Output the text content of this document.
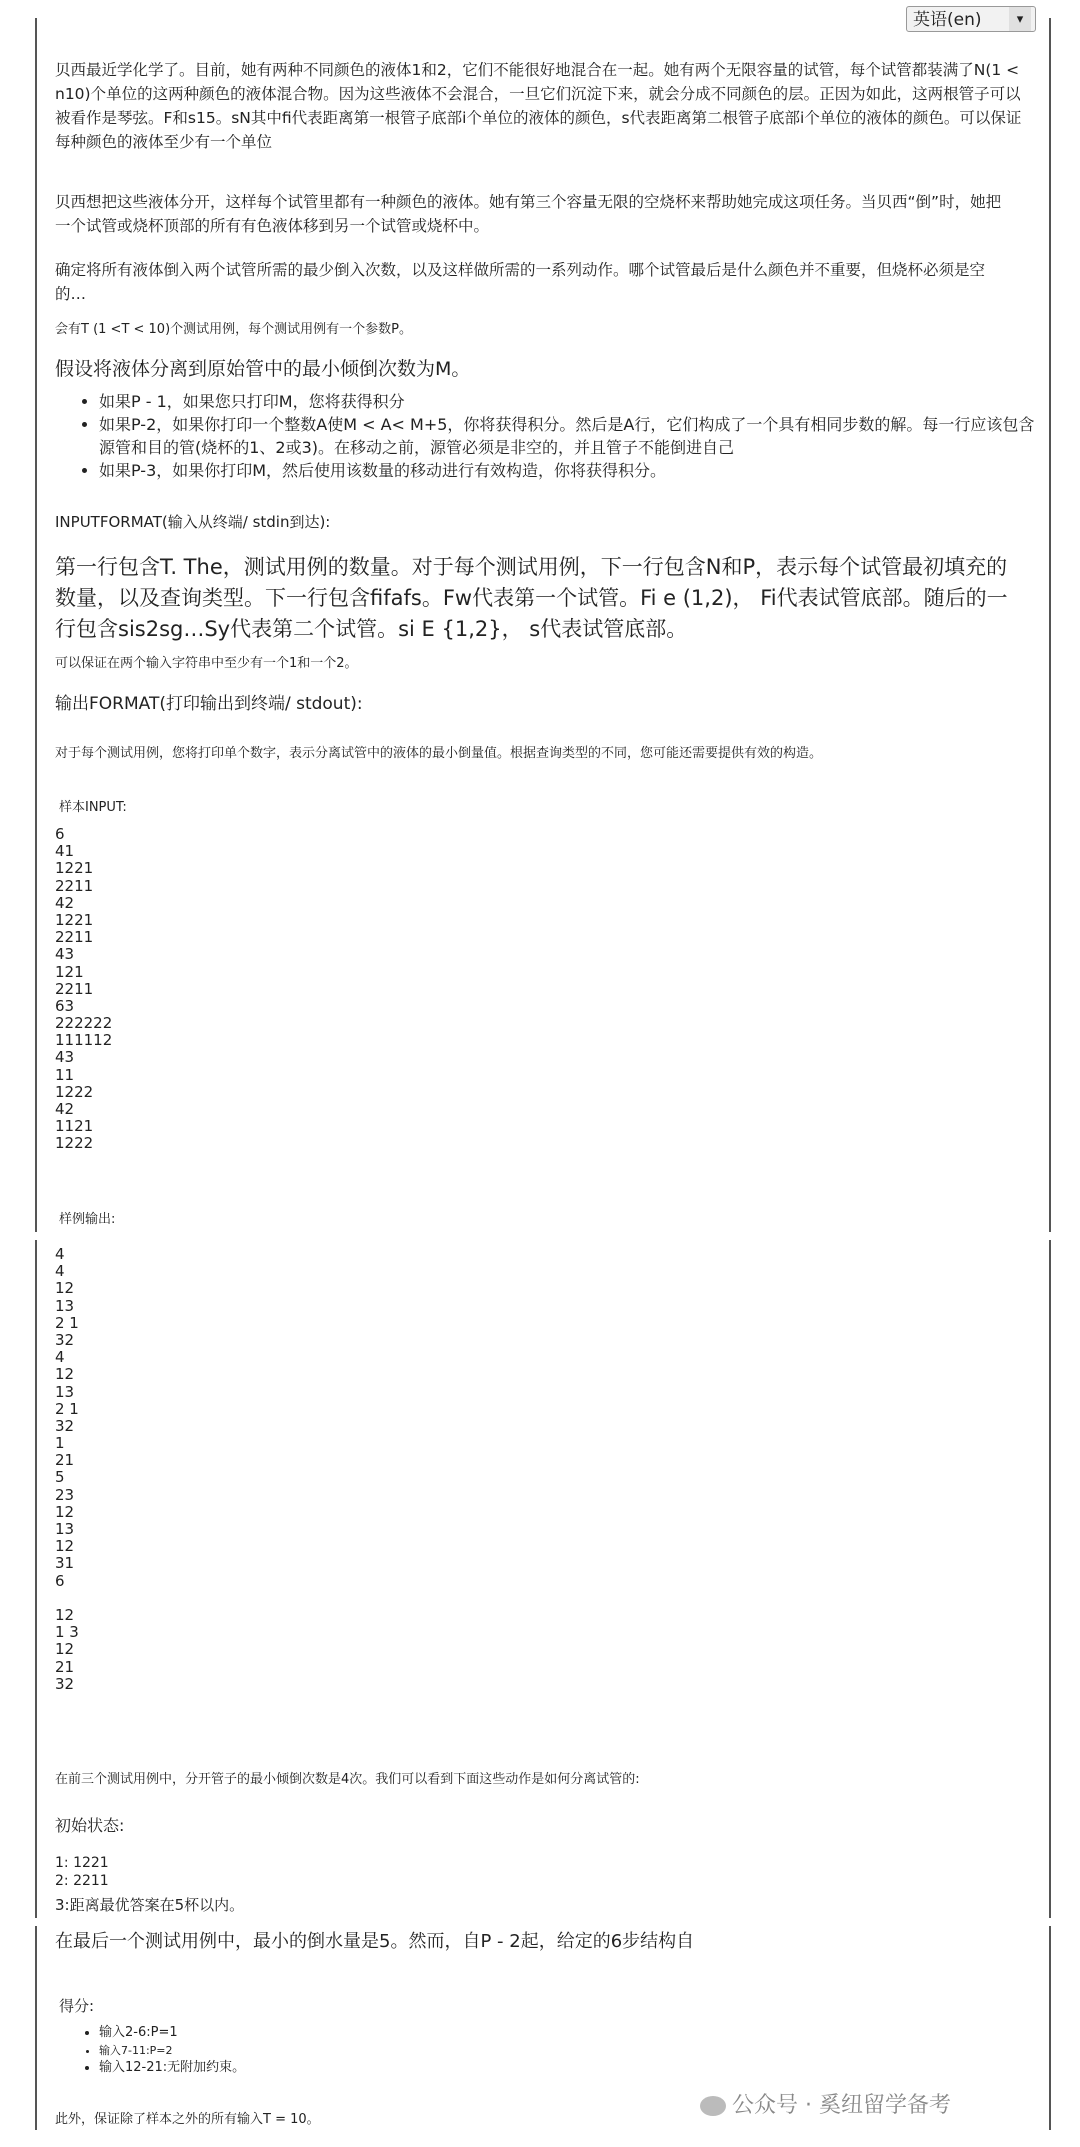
英语(en)	▾

贝西最近学化学了。目前，她有两种不同颜色的液体1和2，它们不能很好地混合在一起。她有两个无限容量的试管，每个试管都装满了N(1 < n10)个单位的这两种颜色的液体混合物。因为这些液体不会混合，一旦它们沉淀下来，就会分成不同颜色的层。正因为如此，这两根管子可以被看作是琴弦。F和s15。sN其中fi代表距离第一根管子底部i个单位的液体的颜色，s代表距离第二根管子底部i个单位的液体的颜色。可以保证每种颜色的液体至少有一个单位

贝西想把这些液体分开，这样每个试管里都有一种颜色的液体。她有第三个容量无限的空烧杯来帮助她完成这项任务。当贝西“倒”时，她把一个试管或烧杯顶部的所有有色液体移到另一个试管或烧杯中。

确定将所有液体倒入两个试管所需的最少倒入次数，以及这样做所需的一系列动作。哪个试管最后是什么颜色并不重要，但烧杯必须是空的…

会有T (1 <T < 10)个测试用例，每个测试用例有一个参数P。

假设将液体分离到原始管中的最小倾倒次数为M。

• 如果P - 1，如果您只打印M，您将获得积分
• 如果P-2，如果你打印一个整数A使M < A< M+5，你将获得积分。然后是A行，它们构成了一个具有相同步数的解。每一行应该包含源管和目的管(烧杯的1、2或3)。在移动之前，源管必须是非空的，并且管子不能倒进自己
• 如果P-3，如果你打印M，然后使用该数量的移动进行有效构造，你将获得积分。

INPUTFORMAT(输入从终端/ stdin到达):

第一行包含T. The，测试用例的数量。对于每个测试用例，下一行包含N和P，表示每个试管最初填充的数量，以及查询类型。下一行包含fifafs。Fw代表第一个试管。Fi e (1,2)， Fi代表试管底部。随后的一行包含sis2sg…Sy代表第二个试管。si E {1,2}， s代表试管底部。

可以保证在两个输入字符串中至少有一个1和一个2。

输出FORMAT(打印输出到终端/ stdout):

对于每个测试用例，您将打印单个数字，表示分离试管中的液体的最小倒量值。根据查询类型的不同，您可能还需要提供有效的构造。

样本INPUT:

6
41
1221
2211
42
1221
2211
43
121
2211
63
222222
111112
43
11
1222
42
1121
1222

样例输出:

4
4
12
13
2 1
32
4
12
13
2 1
32
1
21
5
23
12
13
12
31
6
12
1 3
12
21
32

在前三个测试用例中，分开管子的最小倾倒次数是4次。我们可以看到下面这些动作是如何分离试管的:

初始状态:

1: 1221

2: 2211

3:距离最优答案在5杯以内。

在最后一个测试用例中，最小的倒水量是5。然而，自P - 2起，给定的6步结构自

得分:

• 输入2-6:P=1
• 输入7-11:P=2
• 输入12-21:无附加约束。

此外，保证除了样本之外的所有输入T = 10。

公众号 · 奚纽留学备考
